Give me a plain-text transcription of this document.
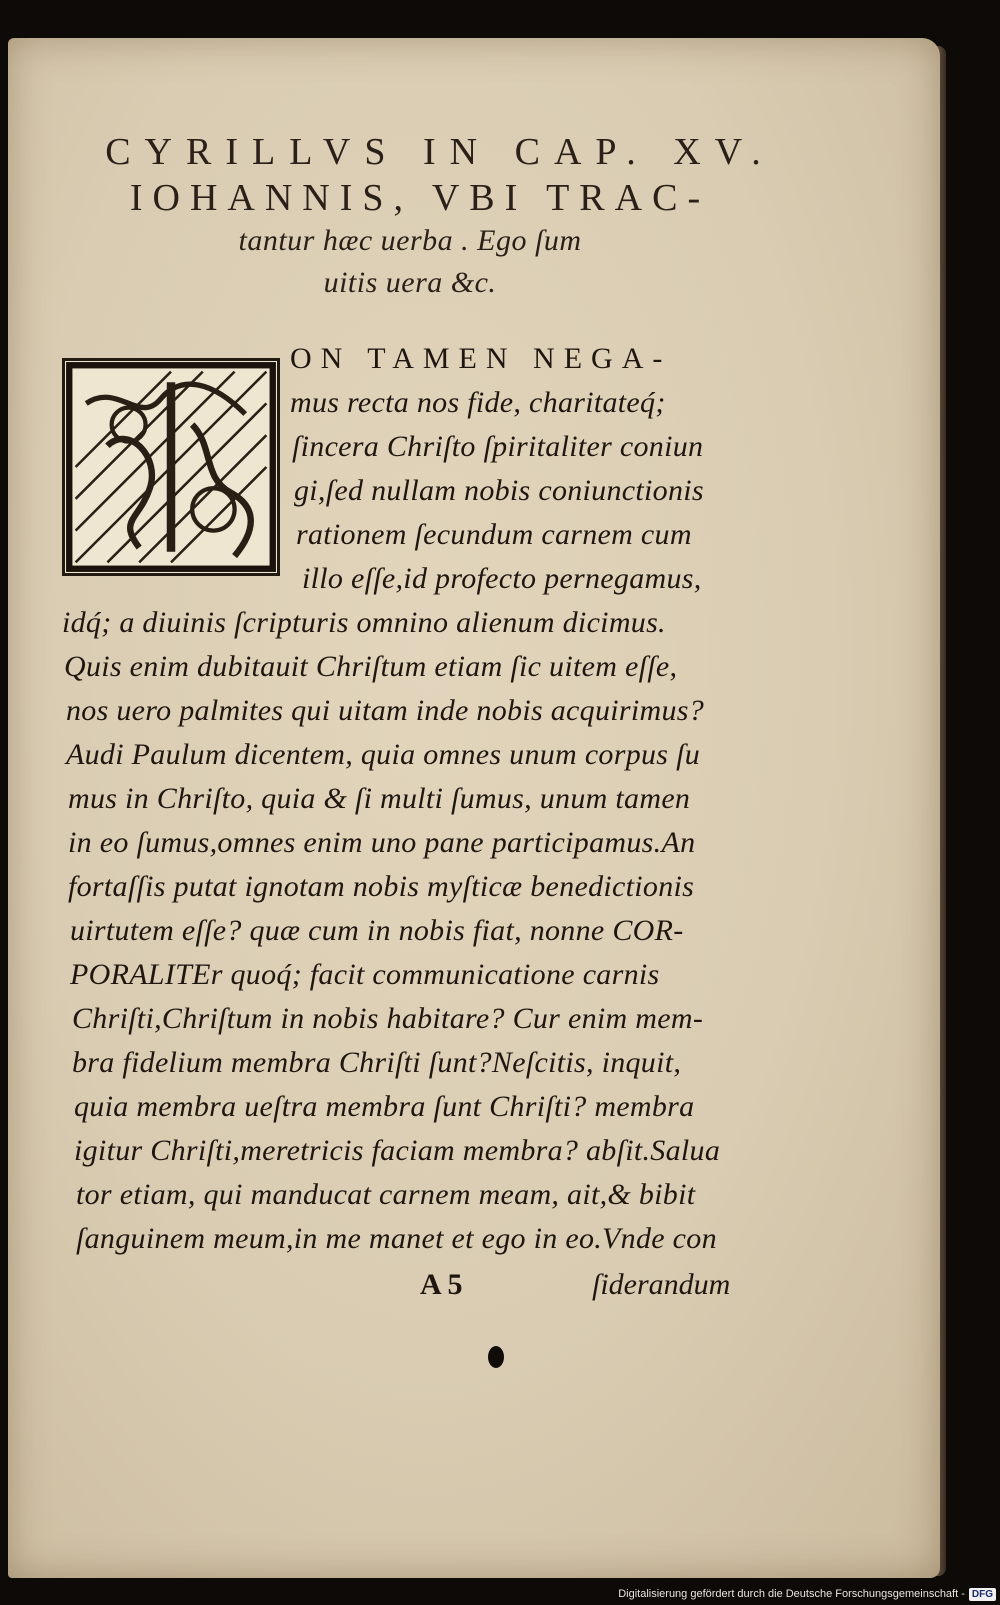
CYRILLVS IN CAP. XV.
IOHANNIS, VBI TRAC-
tantur hæc uerba . Ego ſum
uitis uera &c.
ON TAMEN NEGA-
mus recta nos fide, charitateq́;
ſincera Chriſto ſpiritaliter coniun
gi,ſed nullam nobis coniunctionis
rationem ſecundum carnem cum
illo eſſe,id profecto pernegamus,
idq́; a diuinis ſcripturis omnino alienum dicimus.
Quis enim dubitauit Chriſtum etiam ſic uitem eſſe,
nos uero palmites qui uitam inde nobis acquirimus?
Audi Paulum dicentem, quia omnes unum corpus ſu
mus in Chriſto, quia & ſi multi ſumus, unum tamen
in eo ſumus,omnes enim uno pane participamus.An
fortaſſis putat ignotam nobis myſticæ benedictionis
uirtutem eſſe? quæ cum in nobis fiat, nonne COR-
PORALITEr quoq́; facit communicatione carnis
Chriſti,Chriſtum in nobis habitare? Cur enim mem-
bra fidelium membra Chriſti ſunt?Neſcitis, inquit,
quia membra ueſtra membra ſunt Chriſti? membra
igitur Chriſti,meretricis faciam membra? abſit.Salua
tor etiam, qui manducat carnem meam, ait,& bibit
ſanguinem meum,in me manet et ego in eo.Vnde con
A 5	ſiderandum
Digitalisierung gefördert durch die Deutsche Forschungsgemeinschaft - DFG
